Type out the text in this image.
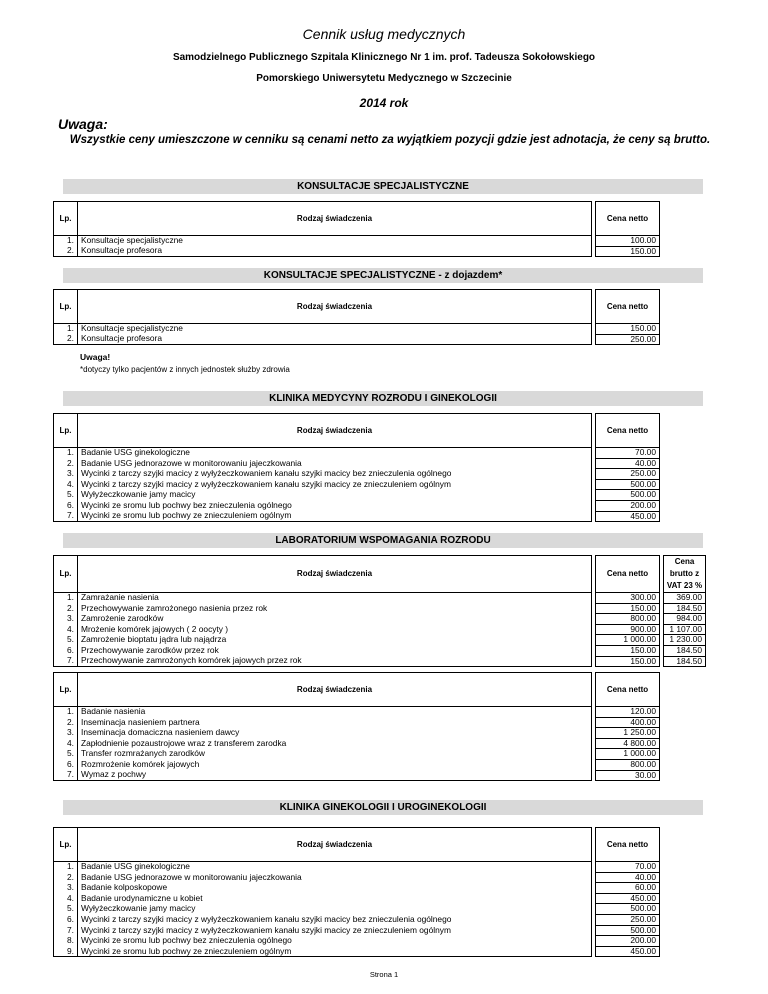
Cennik usług medycznych
Samodzielnego Publicznego Szpitala Klinicznego Nr 1 im. prof. Tadeusza Sokołowskiego
Pomorskiego Uniwersytetu Medycznego w Szczecinie
2014 rok
Uwaga:
Wszystkie ceny umieszczone w cenniku są cenami netto za wyjątkiem pozycji gdzie jest adnotacja, że ceny są brutto.
KONSULTACJE SPECJALISTYCZNE
Lp.	Rodzaj świadczenia		Cena netto
1.	Konsultacje specjalistyczne		100.00
2.	Konsultacje profesora		150.00
KONSULTACJE SPECJALISTYCZNE - z dojazdem*
Lp.	Rodzaj świadczenia		Cena netto
1.	Konsultacje specjalistyczne		150.00
2.	Konsultacje profesora		250.00
Uwaga!
*dotyczy tylko pacjentów z innych jednostek służby zdrowia
KLINIKA MEDYCYNY ROZRODU I GINEKOLOGII
Lp.	Rodzaj świadczenia		Cena netto
1.	Badanie USG ginekologiczne		70.00
2.	Badanie USG jednorazowe w monitorowaniu jajeczkowania		40.00
3.	Wycinki z tarczy szyjki macicy z wyłyżeczkowaniem kanału szyjki macicy bez znieczulenia ogólnego		250.00
4.	Wycinki z tarczy szyjki macicy z wyłyżeczkowaniem kanału szyjki macicy ze znieczuleniem ogólnym		500.00
5.	Wyłyżeczkowanie jamy macicy		500.00
6.	Wycinki ze sromu lub pochwy bez znieczulenia ogólnego		200.00
7.	Wycinki ze sromu lub pochwy ze znieczuleniem ogólnym		450.00
LABORATORIUM WSPOMAGANIA ROZRODU
Lp.	Rodzaj świadczenia		Cena netto		Cena brutto z VAT 23 %
1.	Zamrażanie nasienia		300.00		369.00
2.	Przechowywanie zamrożonego nasienia przez rok		150.00		184.50
3.	Zamrożenie zarodków		800.00		984.00
4.	Mrożenie komórek jajowych ( 2 oocyty )		900.00		1 107.00
5.	Zamrożenie bioptatu jądra lub najądrza		1 000.00		1 230.00
6.	Przechowywanie zarodków przez rok		150.00		184.50
7.	Przechowywanie zamrożonych komórek jajowych przez rok		150.00		184.50
Lp.	Rodzaj świadczenia		Cena netto
1.	Badanie nasienia		120.00
2.	Inseminacja nasieniem partnera		400.00
3.	Inseminacja domaciczna nasieniem dawcy		1 250.00
4.	Zapłodnienie pozaustrojowe wraz z transferem zarodka		4 800.00
5.	Transfer rozmrażanych zarodków		1 000.00
6.	Rozmrożenie komórek jajowych		800.00
7.	Wymaz z pochwy		30.00
KLINIKA GINEKOLOGII I UROGINEKOLOGII
Lp.	Rodzaj świadczenia		Cena netto
1.	Badanie USG ginekologiczne		70.00
2.	Badanie USG jednorazowe w monitorowaniu jajeczkowania		40.00
3.	Badanie kolposkopowe		60.00
4.	Badanie urodynamiczne u kobiet		450.00
5.	Wyłyżeczkowanie jamy macicy		500.00
6.	Wycinki z tarczy szyjki macicy z wyłyżeczkowaniem kanału szyjki macicy bez znieczulenia ogólnego		250.00
7.	Wycinki z tarczy szyjki macicy z wyłyżeczkowaniem kanału szyjki macicy ze znieczuleniem ogólnym		500.00
8.	Wycinki ze sromu lub pochwy bez znieczulenia ogólnego		200.00
9.	Wycinki ze sromu lub pochwy ze znieczuleniem ogólnym		450.00
Strona 1
